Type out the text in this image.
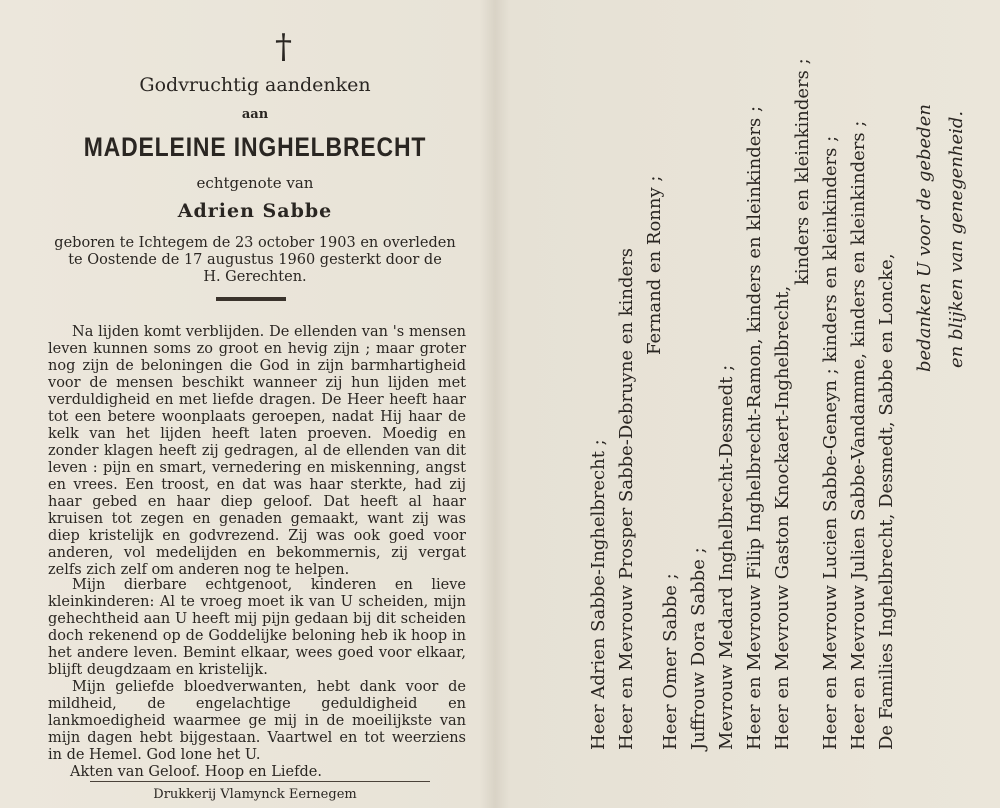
†
Godvruchtig aandenken
aan
MADELEINE INGHELBRECHT
echtgenote van
Adrien Sabbe
geboren te Ichtegem de 23 october 1903 en overleden
te Oostende de 17 augustus 1960 gesterkt door de
H. Gerechten.
Na lijden komt verblijden. De ellenden van 's mensen leven kunnen soms zo groot en hevig zijn ; maar groter nog zijn de beloningen die God in zijn barmhartigheid voor de mensen beschikt wanneer zij hun lijden met verduldigheid en met liefde dragen. De Heer heeft haar tot een betere woonplaats geroepen, nadat Hij haar de kelk van het lijden heeft laten proeven. Moedig en zonder klagen heeft zij gedragen, al de ellenden van dit leven : pijn en smart, vernedering en miskenning, angst en vrees. Een troost, en dat was haar sterkte, had zij haar gebed en haar diep geloof. Dat heeft al haar kruisen tot zegen en genaden gemaakt, want zij was diep kristelijk en godvrezend. Zij was ook goed voor anderen, vol medelijden en bekommernis, zij vergat zelfs zich zelf om anderen nog te helpen.
Mijn dierbare echtgenoot, kinderen en lieve kleinkinderen: Al te vroeg moet ik van U scheiden, mijn gehechtheid aan U heeft mij pijn gedaan bij dit scheiden doch rekenend op de Goddelijke beloning heb ik hoop in het andere leven. Bemint elkaar, wees goed voor elkaar, blijft deugdzaam en kristelijk.
Mijn geliefde bloedverwanten, hebt dank voor de mildheid, de engelachtige geduldigheid en lankmoedigheid waarmee ge mij in de moeilijkste van mijn dagen hebt bijgestaan. Vaartwel en tot weerziens in de Hemel. God lone het U.
Akten van Geloof. Hoop en Liefde.
Drukkerij Vlamynck Eernegem
Heer Adrien Sabbe-Inghelbrecht ; Heer en Mevrouw Prosper Sabbe-Debruyne en kinders Fernand en Ronny ;
Heer Omer Sabbe ; Juffrouw Dora Sabbe ; Mevrouw Medard Inghelbrecht-Desmedt ; Heer en Mevrouw Filip Inghelbrecht-Ramon, kinders en kleinkinders ; Heer en Mevrouw Gaston Knockaert-Inghelbrecht,
kinders en kleinkinders ; Heer en Mevrouw Lucien Sabbe-Geneyn ; kinders en kleinkinders ; Heer en Mevrouw Julien Sabbe-Vandamme, kinders en kleinkinders ; De Families Inghelbrecht, Desmedt, Sabbe en Loncke,
bedanken U voor de gebeden en blijken van genegenheid.
